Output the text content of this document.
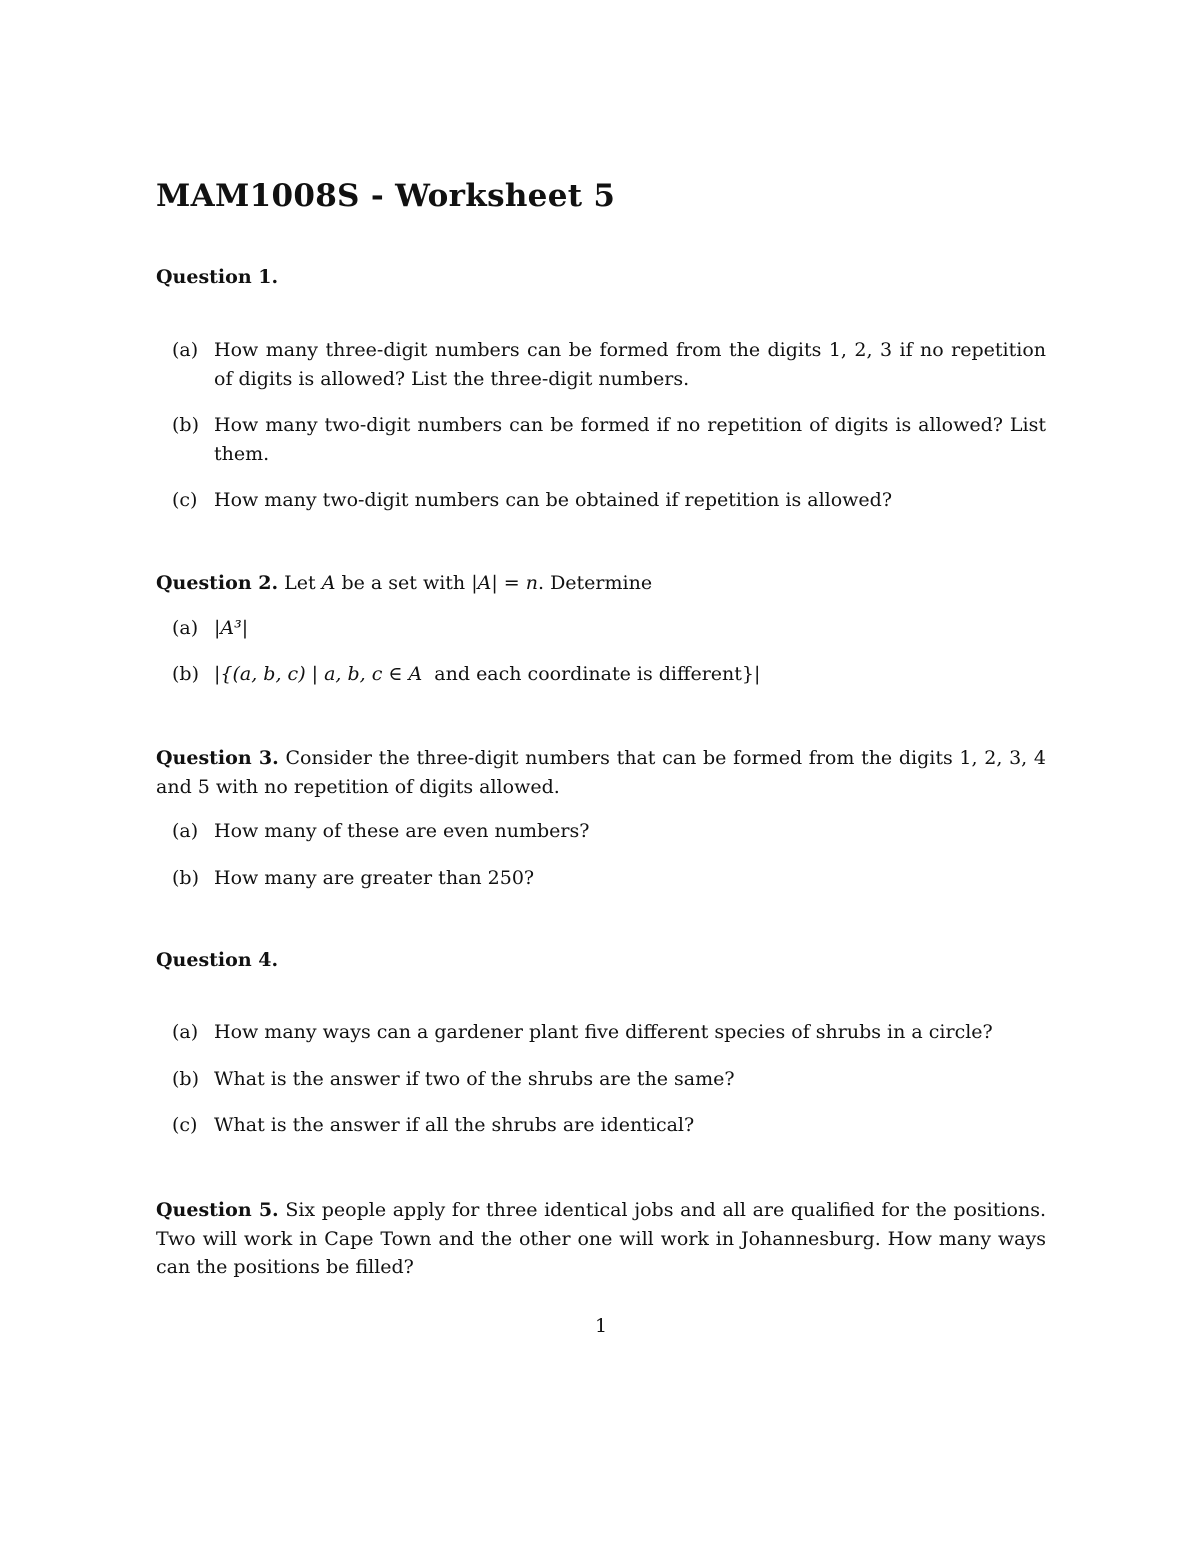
MAM1008S - Worksheet 5
Question 1.
(a) How many three-digit numbers can be formed from the digits 1, 2, 3 if no repetition of digits is allowed? List the three-digit numbers.
(b) How many two-digit numbers can be formed if no repetition of digits is allowed? List them.
(c) How many two-digit numbers can be obtained if repetition is allowed?
Question 2. Let A be a set with |A| = n. Determine
(a) |A³|
(b) |{(a, b, c) | a, b, c ∈ A and each coordinate is different}|
Question 3. Consider the three-digit numbers that can be formed from the digits 1, 2, 3, 4 and 5 with no repetition of digits allowed.
(a) How many of these are even numbers?
(b) How many are greater than 250?
Question 4.
(a) How many ways can a gardener plant five different species of shrubs in a circle?
(b) What is the answer if two of the shrubs are the same?
(c) What is the answer if all the shrubs are identical?
Question 5. Six people apply for three identical jobs and all are qualified for the positions. Two will work in Cape Town and the other one will work in Johannesburg. How many ways can the positions be filled?
1
